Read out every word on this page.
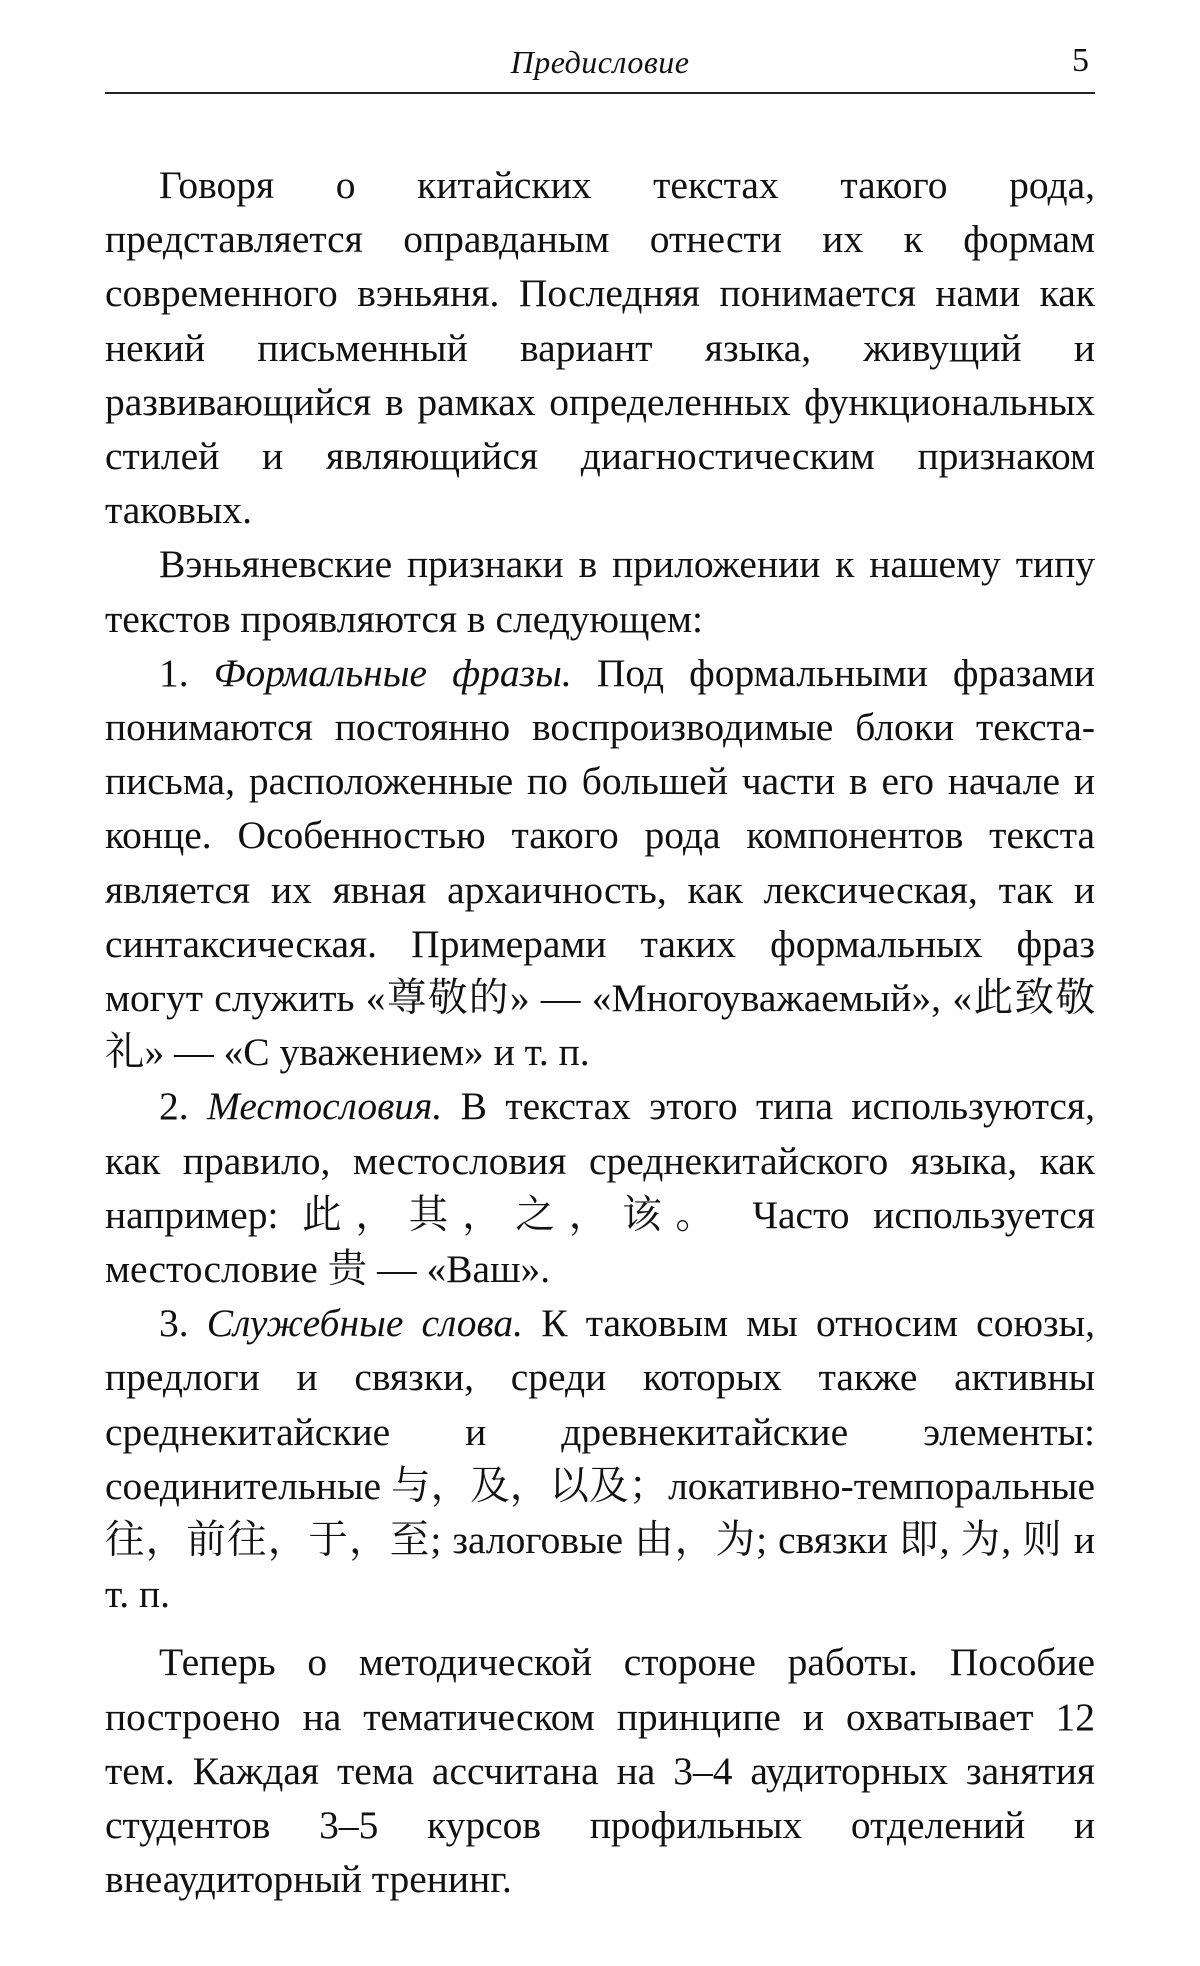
Предисловие	5

Говоря о китайских текстах такого рода, представляется оправданым отнести их к формам современного вэньяня. Последняя понимается нами как некий письменный вариант языка, живущий и развивающийся в рамках определенных функциональных стилей и являющийся диагностическим признаком таковых.

Вэньяневские признаки в приложении к нашему типу текстов проявляются в следующем:

1. Формальные фразы. Под формальными фразами понимаются постоянно воспроизводимые блоки текста-письма, расположенные по большей части в его начале и конце. Особенностью такого рода компонентов текста является их явная архаичность, как лексическая, так и синтаксическая. Примерами таких формальных фраз могут служить «尊敬的» — «Многоуважаемый», «此致敬礼» — «С уважением» и т. п.

2. Местословия. В текстах этого типа используются, как правило, местословия среднекитайского языка, как например: 此，其，之，该。 Часто используется местословие 贵 — «Ваш».

3. Служебные слова. К таковым мы относим союзы, предлоги и связки, среди которых также активны среднекитайские и древнекитайские элементы: соединительные 与，及，以及；локативно-темпоральные 往，前往，于，至; залоговые 由，为; связки 即, 为, 则 и т. п.

Теперь о методической стороне работы. Пособие построено на тематическом принципе и охватывает 12 тем. Каждая тема ассчитана на 3–4 аудиторных занятия студентов 3–5 курсов профильных отделений и внеаудиторный тренинг.
